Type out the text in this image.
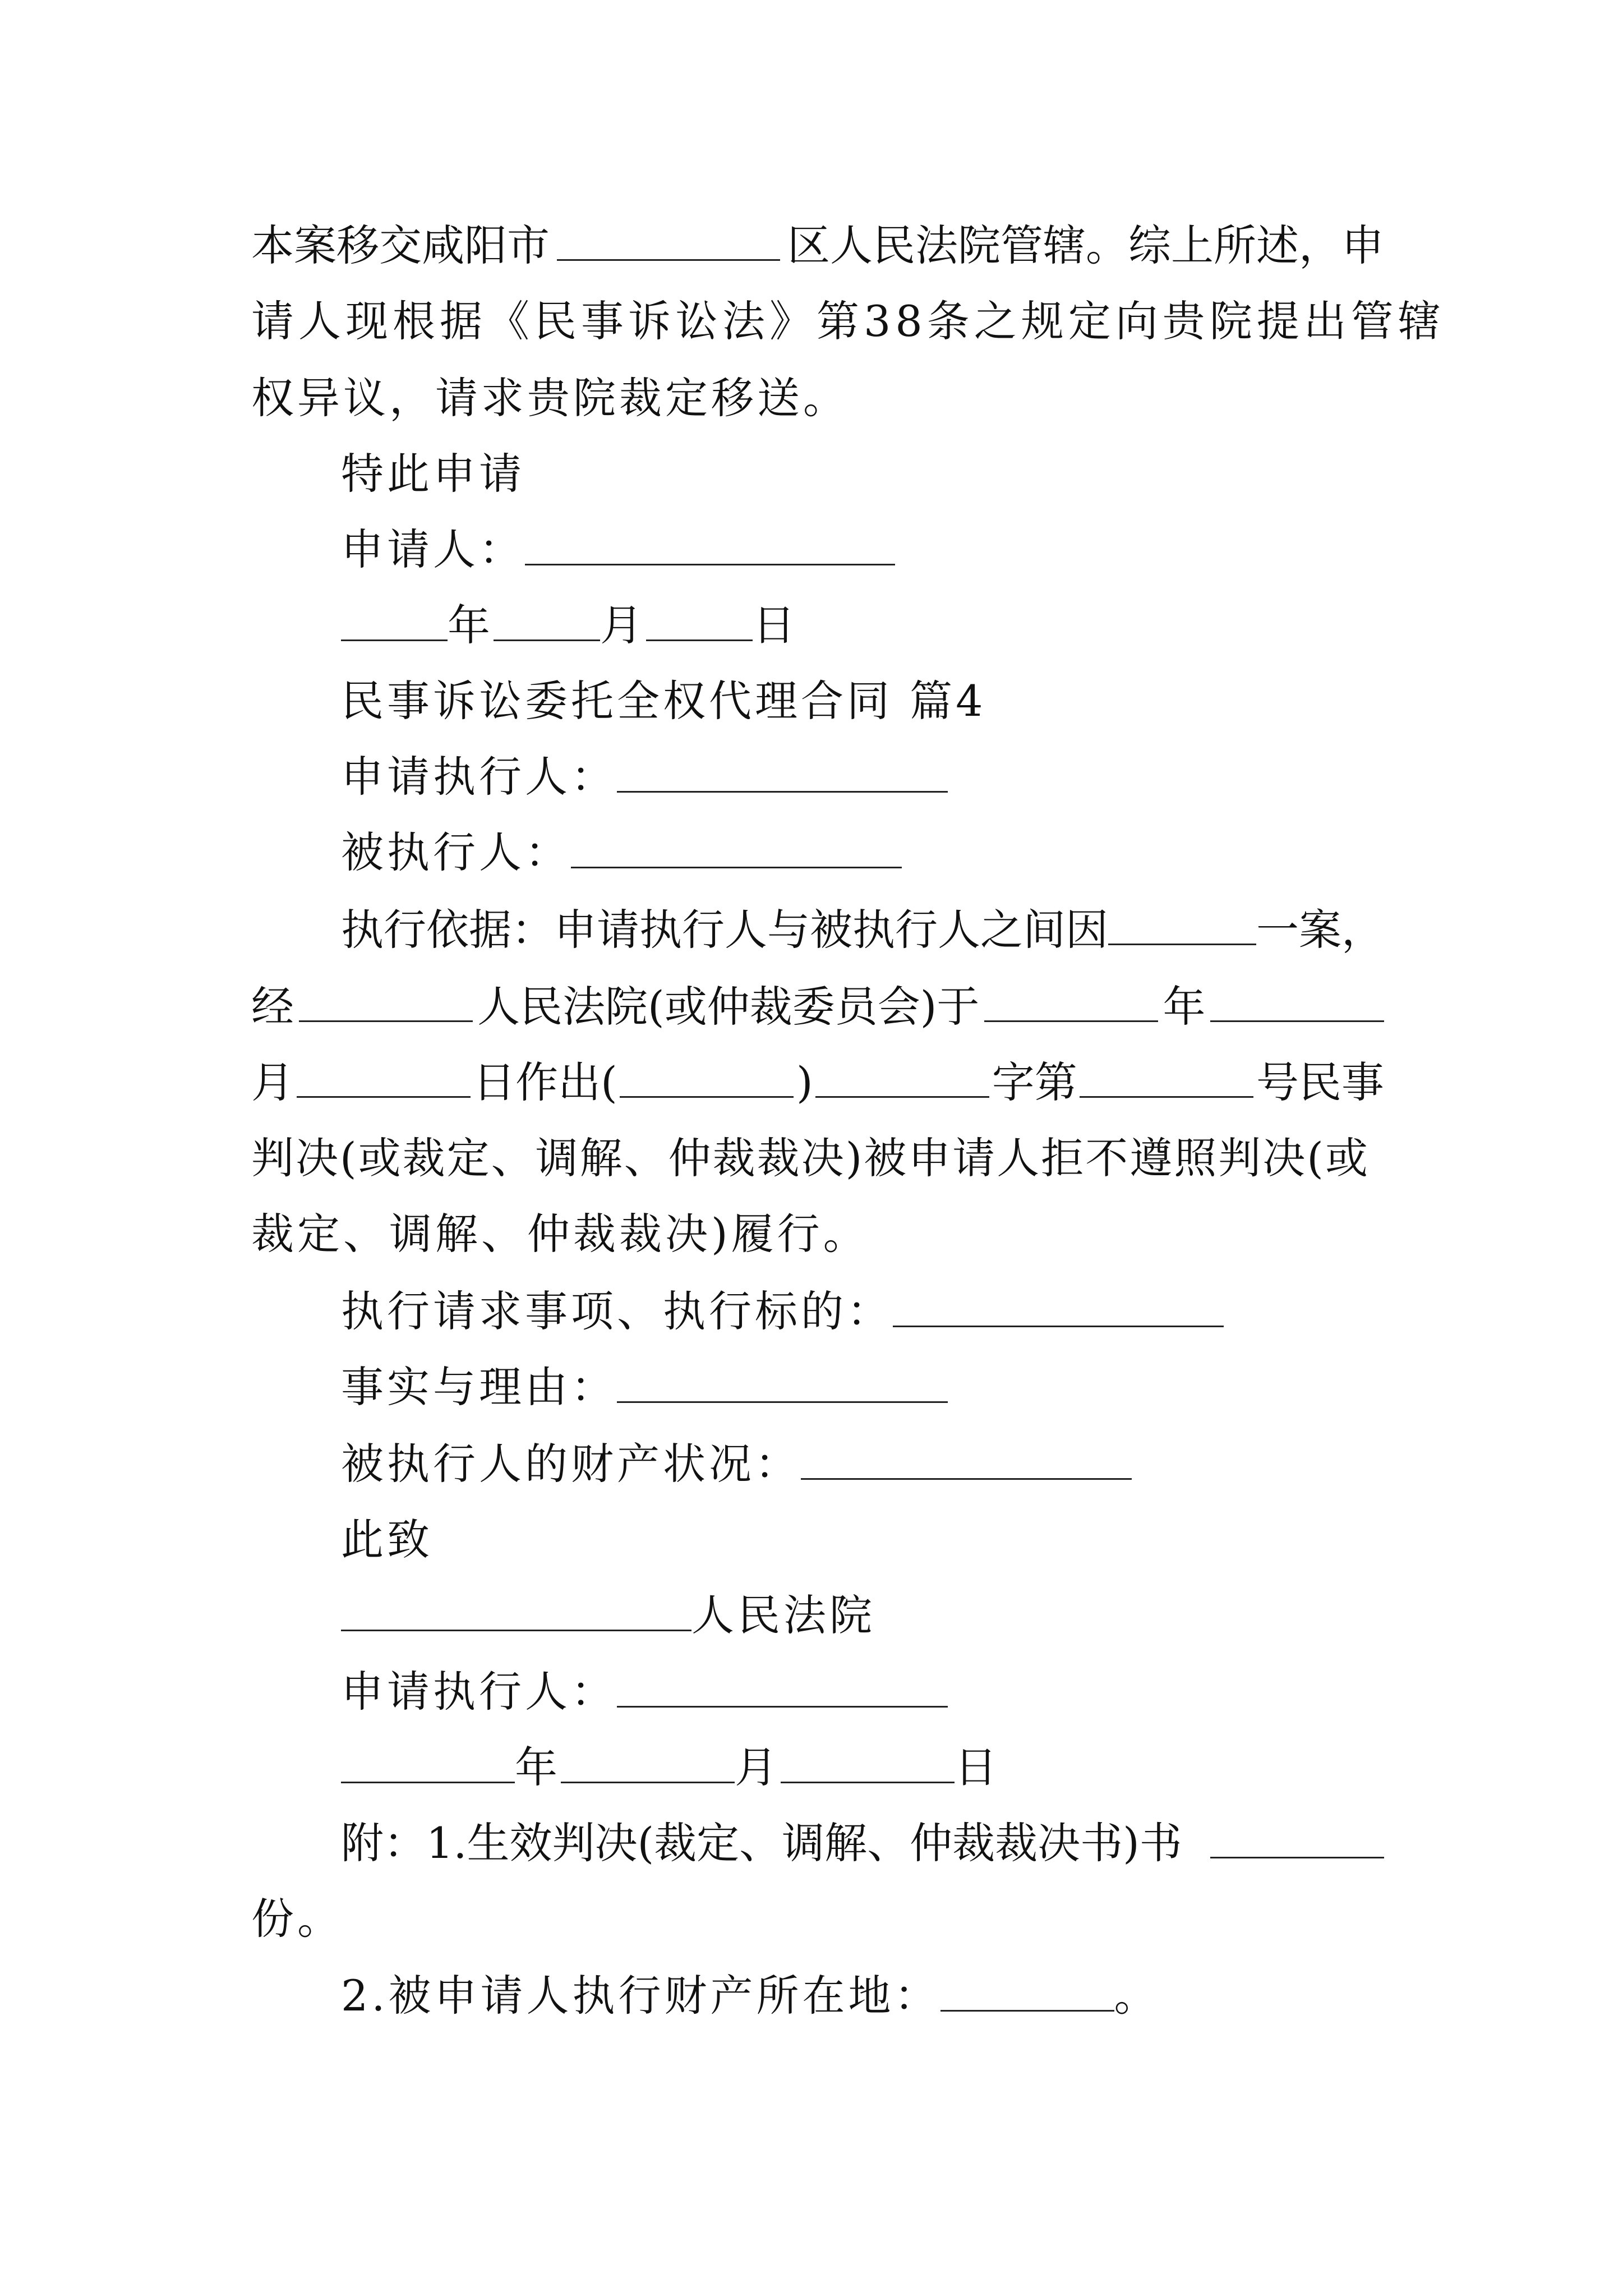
本案移交咸阳市	区人民法院管辖。综上所述，申
请人现根据《民事诉讼法》第38条之规定向贵院提出管辖
权异议，请求贵院裁定移送。
特此申请
申请人：
年	月	日
民事诉讼委托全权代理合同 篇4
申请执行人：
被执行人：
执行依据：申请执行人与被执行人之间因	一案，
经	人民法院(或仲裁委员会)于	年
月	日作出(	)	字第	号民事
判决(或裁定、调解、仲裁裁决)被申请人拒不遵照判决(或
裁定、调解、仲裁裁决)履行。
执行请求事项、执行标的：
事实与理由：
被执行人的财产状况：
此致
人民法院
申请执行人：
年	月	日
附：1.生效判决(裁定、调解、仲裁裁决书)书
份。
2.被申请人执行财产所在地：	。
